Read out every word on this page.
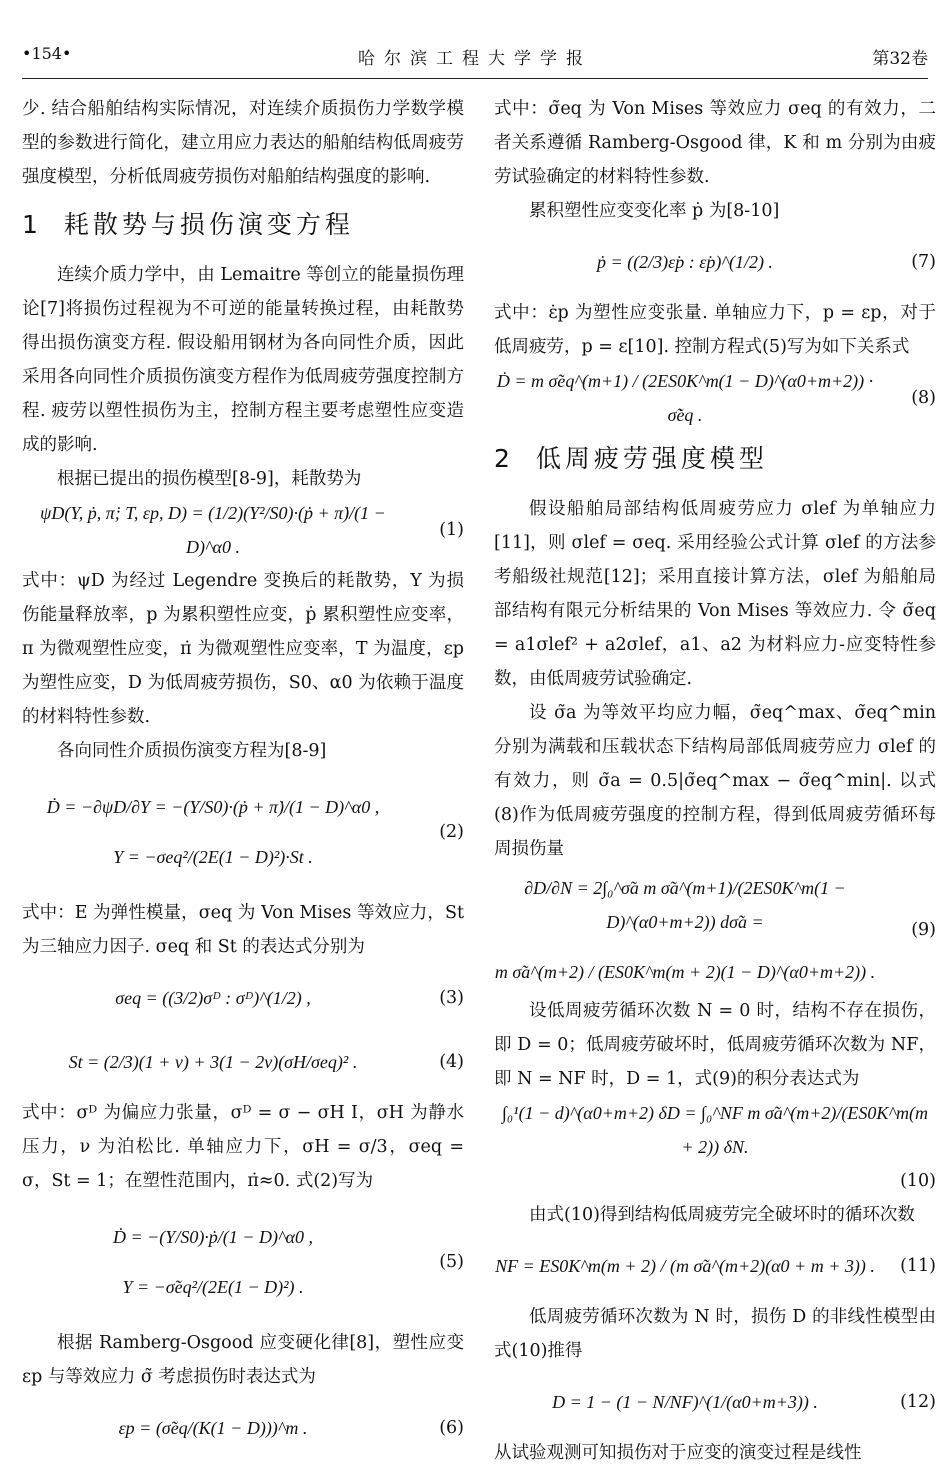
•154•	哈尔滨工程大学学报	第32卷

少. 结合船舶结构实际情况，对连续介质损伤力学数学模型的参数进行简化，建立用应力表达的船舶结构低周疲劳强度模型，分析低周疲劳损伤对船舶结构强度的影响.

1 耗散势与损伤演变方程

连续介质力学中，由 Lemaitre 等创立的能量损伤理论[7]将损伤过程视为不可逆的能量转换过程，由耗散势得出损伤演变方程. 假设船用钢材为各向同性介质，因此采用各向同性介质损伤演变方程作为低周疲劳强度控制方程. 疲劳以塑性损伤为主，控制方程主要考虑塑性应变造成的影响.

根据已提出的损伤模型[8-9]，耗散势为

ψD(Y, ṗ, π̇; T, εp, D) = (1/2)(Y²/S0)·(ṗ + π̇)/(1 − D)^α0 .
(1)

式中：ψD 为经过 Legendre 变换后的耗散势，Y 为损伤能量释放率，p 为累积塑性应变，ṗ 累积塑性应变率，π 为微观塑性应变，π̇ 为微观塑性应变率，T 为温度，εp 为塑性应变，D 为低周疲劳损伤，S0、α0 为依赖于温度的材料特性参数.

各向同性介质损伤演变方程为[8-9]

Ḋ = −∂ψD/∂Y = −(Y/S0)·(ṗ + π̇)/(1 − D)^α0 ,
Y = −σeq²/(2E(1 − D)²)·St .
(2)

式中：E 为弹性模量，σeq 为 Von Mises 等效应力，St 为三轴应力因子. σeq 和 St 的表达式分别为

σeq = ((3/2)σᴰ : σᴰ)^(1/2) ,	(3)
St = (2/3)(1 + ν) + 3(1 − 2ν)(σH/σeq)² .	(4)

式中：σᴰ 为偏应力张量，σᴰ = σ − σH I，σH 为静水压力，ν 为泊松比. 单轴应力下，σH = σ/3，σeq = σ，St = 1；在塑性范围内，π̇≈0. 式(2)写为

Ḋ = −(Y/S0)·ṗ/(1 − D)^α0 ,
Y = −σ̃eq²/(2E(1 − D)²) .
(5)

根据 Ramberg-Osgood 应变硬化律[8]，塑性应变 εp 与等效应力 σ̃ 考虑损伤时表达式为

εp = (σ̃eq/(K(1 − D)))^m .	(6)

式中：σ̃eq 为 Von Mises 等效应力 σeq 的有效力，二者关系遵循 Ramberg-Osgood 律，K 和 m 分别为由疲劳试验确定的材料特性参数.

累积塑性应变变化率 ṗ 为[8-10]

ṗ = ((2/3)ε̇p : ε̇p)^(1/2) .	(7)

式中：ε̇p 为塑性应变张量. 单轴应力下，p = εp，对于低周疲劳，p = ε[10]. 控制方程式(5)写为如下关系式

Ḋ = m σ̃eq^(m+1) / (2ES0K^m(1 − D)^(α0+m+2)) · σ̃̇eq .
(8)
2 低周疲劳强度模型

假设船舶局部结构低周疲劳应力 σlef 为单轴应力[11]，则 σlef = σeq. 采用经验公式计算 σlef 的方法参考船级社规范[12]；采用直接计算方法，σlef 为船舶局部结构有限元分析结果的 Von Mises 等效应力. 令 σ̃eq = a1σlef² + a2σlef，a1、a2 为材料应力-应变特性参数，由低周疲劳试验确定.

设 σ̃a 为等效平均应力幅，σ̃eq^max、σ̃eq^min 分别为满载和压载状态下结构局部低周疲劳应力 σlef 的有效力，则 σ̃a = 0.5|σ̃eq^max − σ̃eq^min|. 以式(8)作为低周疲劳强度的控制方程，得到低周疲劳循环每周损伤量

∂D/∂N = 2∫₀^σ̃a m σ̃a^(m+1)/(2ES0K^m(1 − D)^(α0+m+2)) dσ̃a =
m σ̃a^(m+2) / (ES0K^m(m + 2)(1 − D)^(α0+m+2)) .
(9)

设低周疲劳循环次数 N = 0 时，结构不存在损伤，即 D = 0；低周疲劳破坏时，低周疲劳循环次数为 NF，即 N = NF 时，D = 1，式(9)的积分表达式为

∫₀¹(1 − d)^(α0+m+2) δD = ∫₀^NF m σ̃a^(m+2)/(ES0K^m(m + 2)) δN.
(10)

由式(10)得到结构低周疲劳完全破坏时的循环次数

NF = ES0K^m(m + 2) / (m σ̃a^(m+2)(α0 + m + 3)) .	(11)

低周疲劳循环次数为 N 时，损伤 D 的非线性模型由式(10)推得

D = 1 − (1 − N/NF)^(1/(α0+m+3)) .	(12)

从试验观测可知损伤对于应变的演变过程是线性
